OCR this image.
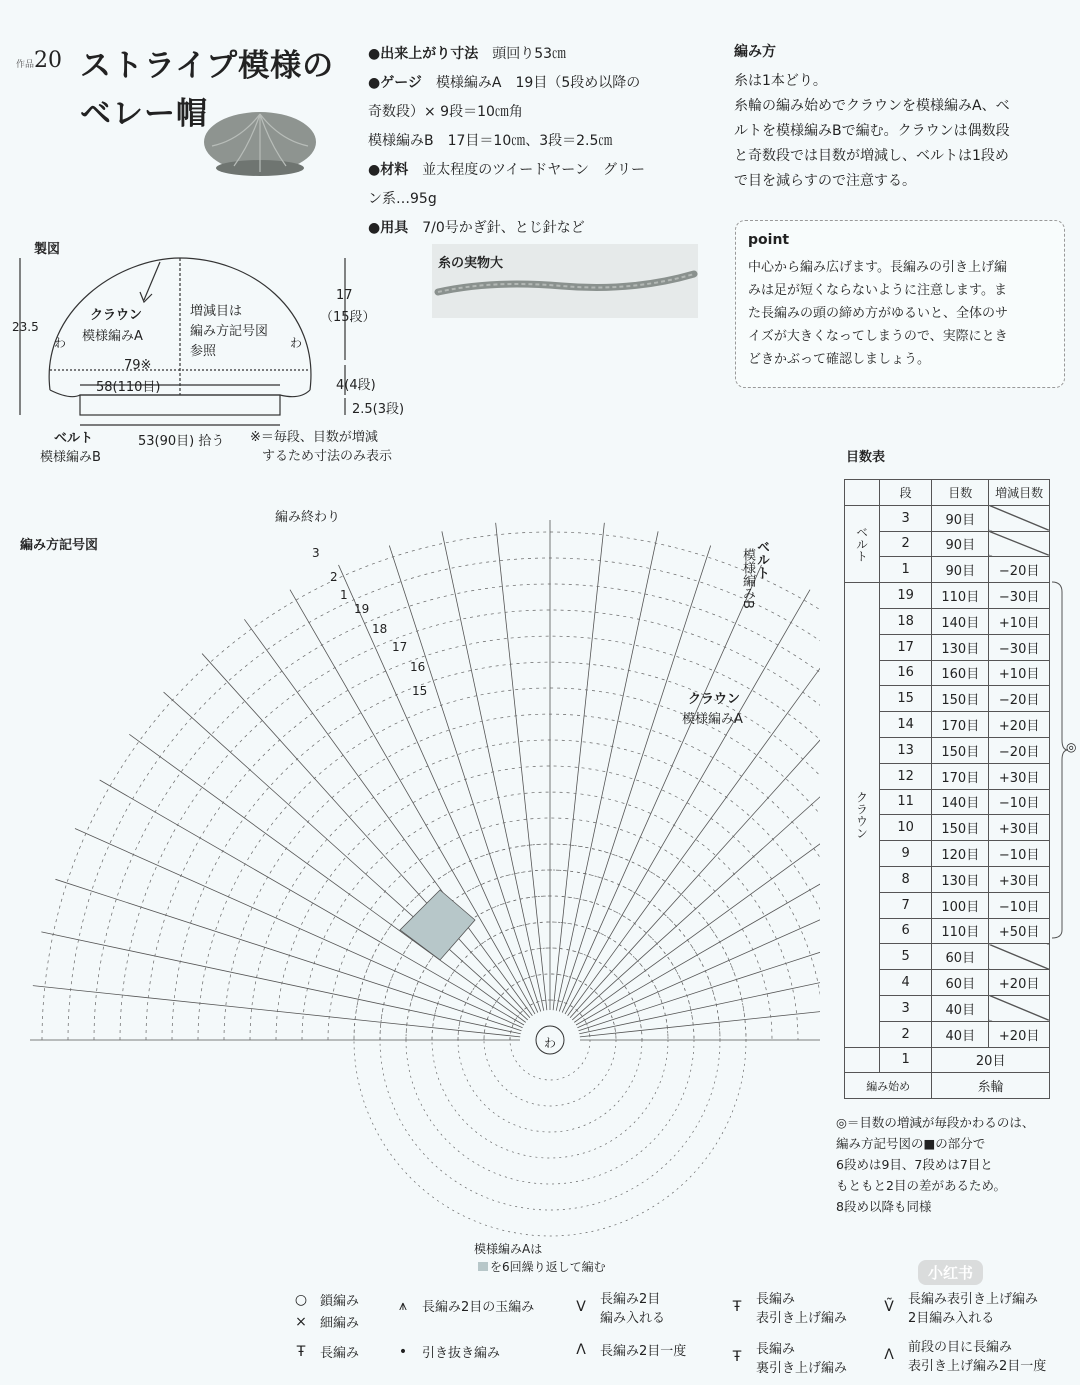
作品20 ストライプ模様の
ベレー帽
●出来上がり寸法　 頭回り53㎝
●ゲージ　 模様編みA　19目（5段め以降の
奇数段）× 9段＝10㎝角
模様編みB　17目＝10㎝、3段＝2.5㎝
●材料　 並太程度のツイードヤーン　グリー
ン系…95g
●用具　 7/0号かぎ針、とじ針など
糸の実物大
編み方

糸は1本どり。

糸輪の編み始めでクラウンを模様編みA、ベ

ルトを模様編みBで編む。クラウンは偶数段

と奇数段では目数が増減し、ベルトは1段め

で目を減らすので注意する。

point
中心から編み広げます。長編みの引き上げ編
みは足が短くならないように注意します。ま
た長編みの頭の締め方がゆるいと、全体のサ
イズが大きくなってしまうので、実際にとき
どきかぶって確認しましょう。
製図
クラウン
模様編みA
増減目は
編み方記号図
参照
わ	わ
23.5
17
（15段）
79※
58(110目)	4(4段)
2.5(3段)
ベルト
模様編みB
53(90目) 拾う ※＝毎段、目数が増減
するため寸法のみ表示
編み方記号図
編み終わり
ベルト
模様編みB
クラウン
模様編みA
わ
3
2
1
19
18
17
16
15
模様編みAは
を6回繰り返して編む
目数表
	段	目数	増減目数
ベルト	3	90目	
	2	90目	
	1	90目	−20目
クラウン	19	110目	−30目
	18	140目	+10目
	17	130目	−30目
	16	160目	+10目
	15	150目	−20目
	14	170目	+20目
	13	150目	−20目
	12	170目	+30目
	11	140目	−10目
	10	150目	+30目
	9	120目	−10目
	8	130目	+30目
	7	100目	−10目
	6	110目	+50目
	5	60目	
	4	60目	+20目
	3	40目	
	2	40目	+20目
	1	20目	
編み始め		糸輪	
◎
◎＝目数の増減が毎段かわるのは、
編み方記号図の■の部分で
6段めは9目、7段めは7目と
もともと2目の差があるため。
8段め以降も同様
○ 鎖編み
×	細編み
Ŧ	長編み
⩚	長編み2目の玉編み
•	引き抜き編み
V	長編み2目
編み入れる
Λ	長編み2目一度
Ŧ	長編み
表引き上げ編み
Ŧ	長編み
裏引き上げ編み
Ṽ	長編み表引き上げ編み
2目編み入れる
Λ	前段の目に長編み
表引き上げ編み2目一度
小红书
